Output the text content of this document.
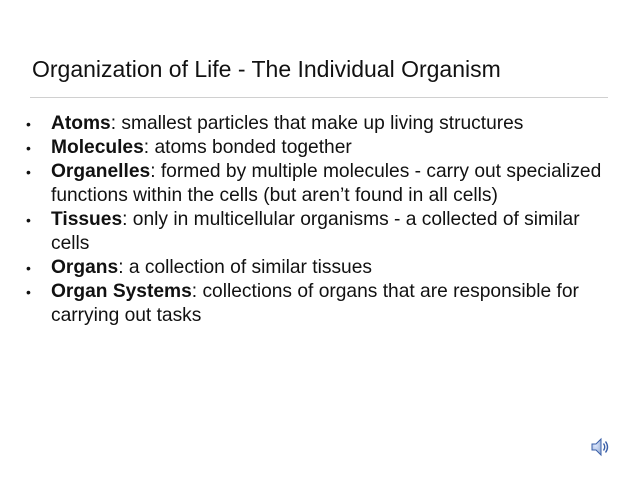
Organization of Life - The Individual Organism
• Atoms: smallest particles that make up living structures
• Molecules: atoms bonded together
• Organelles: formed by multiple molecules - carry out specialized functions within the cells (but aren’t found in all cells)
• Tissues: only in multicellular organisms - a collected of similar cells
• Organs: a collection of similar tissues
• Organ Systems: collections of organs that are responsible for carrying out tasks
